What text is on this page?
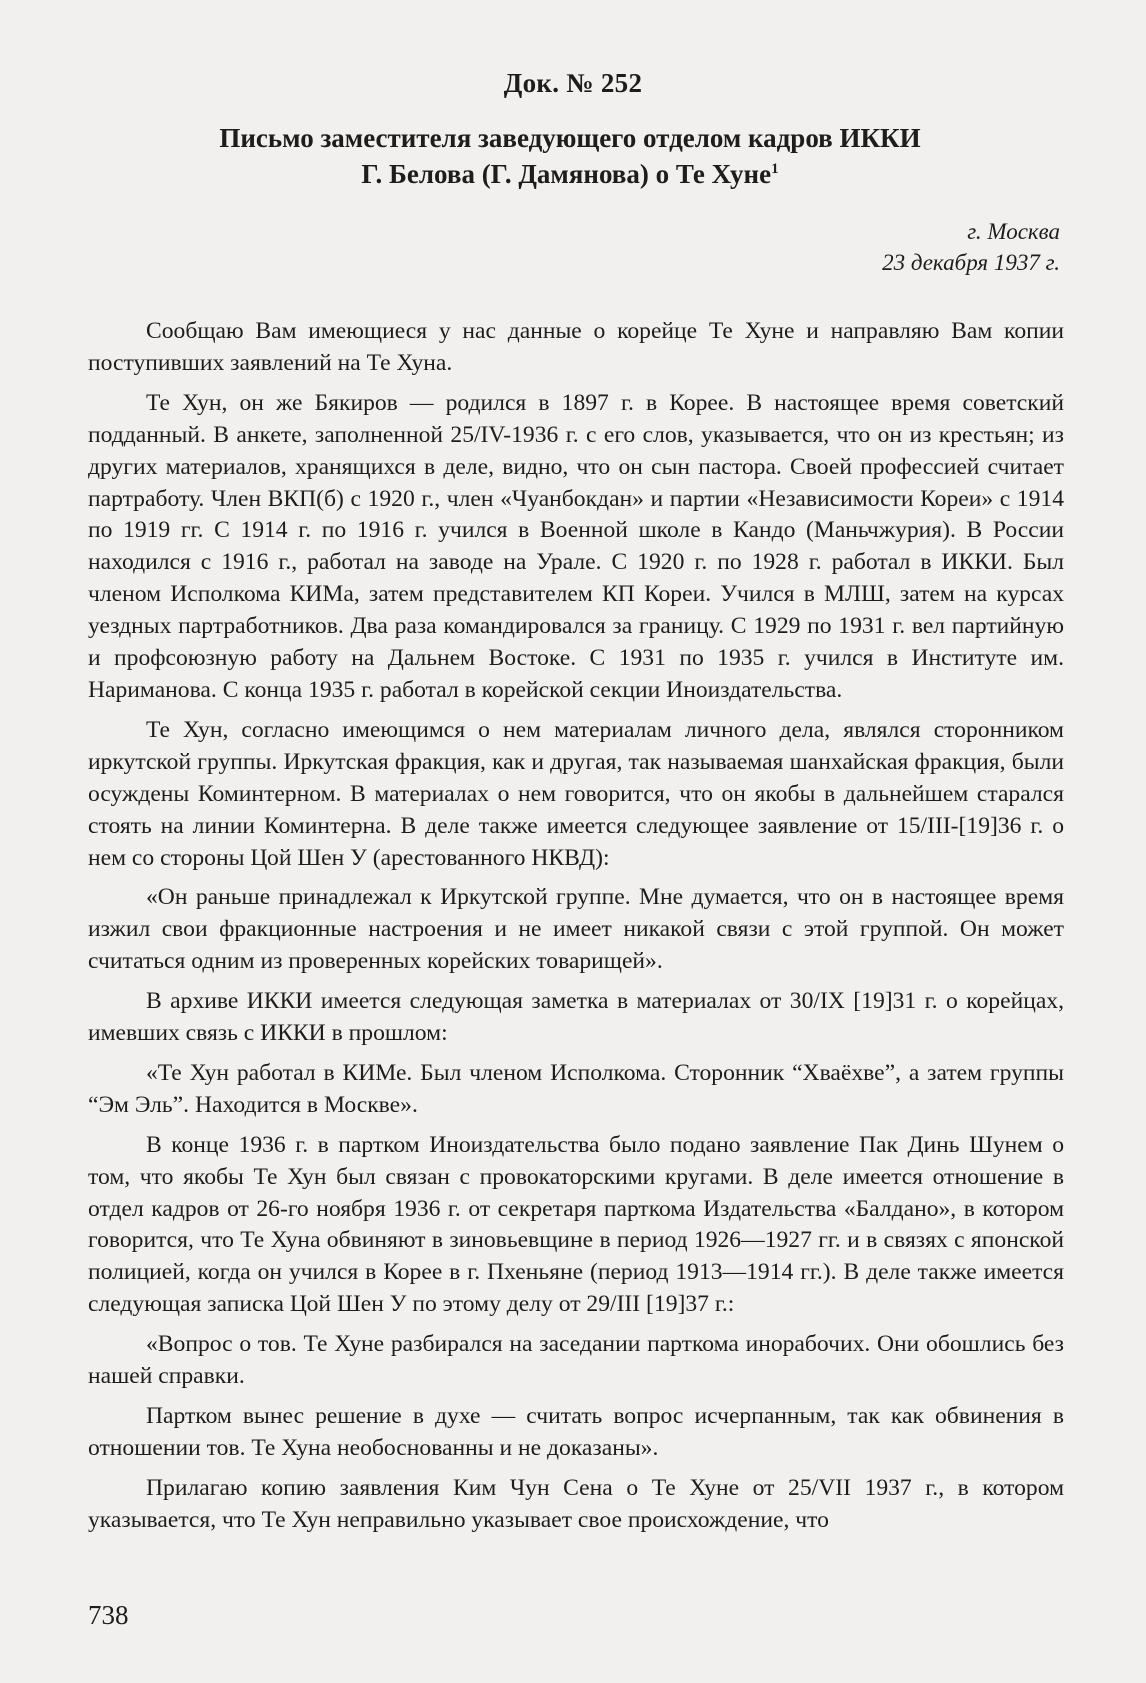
Док. № 252
Письмо заместителя заведующего отделом кадров ИККИ
Г. Белова (Г. Дамянова) о Те Хуне$^1$
г. Москва
23 декабря 1937 г.

Сообщаю Вам имеющиеся у нас данные о корейце Те Хуне и направляю Вам копии поступивших заявлений на Те Хуна.

Те Хун, он же Бякиров — родился в 1897 г. в Корее. В настоящее время советский подданный. В анкете, заполненной 25/IV-1936 г. с его слов, указывается, что он из крестьян; из других материалов, хранящихся в деле, видно, что он сын пастора. Своей профессией считает партработу. Член ВКП(б) с 1920 г., член «Чуанбокдан» и партии «Независимости Кореи» с 1914 по 1919 гг. С 1914 г. по 1916 г. учился в Военной школе в Кандо (Маньчжурия). В России находился с 1916 г., работал на заводе на Урале. С 1920 г. по 1928 г. работал в ИККИ. Был членом Исполкома КИМа, затем представителем КП Кореи. Учился в МЛШ, затем на курсах уездных партработников. Два раза командировался за границу. С 1929 по 1931 г. вел партийную и профсоюзную работу на Дальнем Востоке. С 1931 по 1935 г. учился в Институте им. Нариманова. С конца 1935 г. работал в корейской секции Иноиздательства.

Те Хун, согласно имеющимся о нем материалам личного дела, являлся сторонником иркутской группы. Иркутская фракция, как и другая, так называемая шанхайская фракция, были осуждены Коминтерном. В материалах о нем говорится, что он якобы в дальнейшем старался стоять на линии Коминтерна. В деле также имеется следующее заявление от 15/III-[19]36 г. о нем со стороны Цой Шен У (арестованного НКВД):

«Он раньше принадлежал к Иркутской группе. Мне думается, что он в настоящее время изжил свои фракционные настроения и не имеет никакой связи с этой группой. Он может считаться одним из проверенных корейских товарищей».

В архиве ИККИ имеется следующая заметка в материалах от 30/IX [19]31 г. о корейцах, имевших связь с ИККИ в прошлом:

«Те Хун работал в КИМе. Был членом Исполкома. Сторонник “Хваёхве”, а затем группы “Эм Эль”. Находится в Москве».

В конце 1936 г. в партком Иноиздательства было подано заявление Пак Динь Шунем о том, что якобы Те Хун был связан с провокаторскими кругами. В деле имеется отношение в отдел кадров от 26-го ноября 1936 г. от секретаря парткома Издательства «Балдано», в котором говорится, что Те Хуна обвиняют в зиновьевщине в период 1926—1927 гг. и в связях с японской полицией, когда он учился в Корее в г. Пхеньяне (период 1913—1914 гг.). В деле также имеется следующая записка Цой Шен У по этому делу от 29/III [19]37 г.:

«Вопрос о тов. Те Хуне разбирался на заседании парткома инорабочих. Они обошлись без нашей справки.

Партком вынес решение в духе — считать вопрос исчерпанным, так как обвинения в отношении тов. Те Хуна необоснованны и не доказаны».

Прилагаю копию заявления Ким Чун Сена о Те Хуне от 25/VII 1937 г., в котором указывается, что Те Хун неправильно указывает свое происхождение, что

738
